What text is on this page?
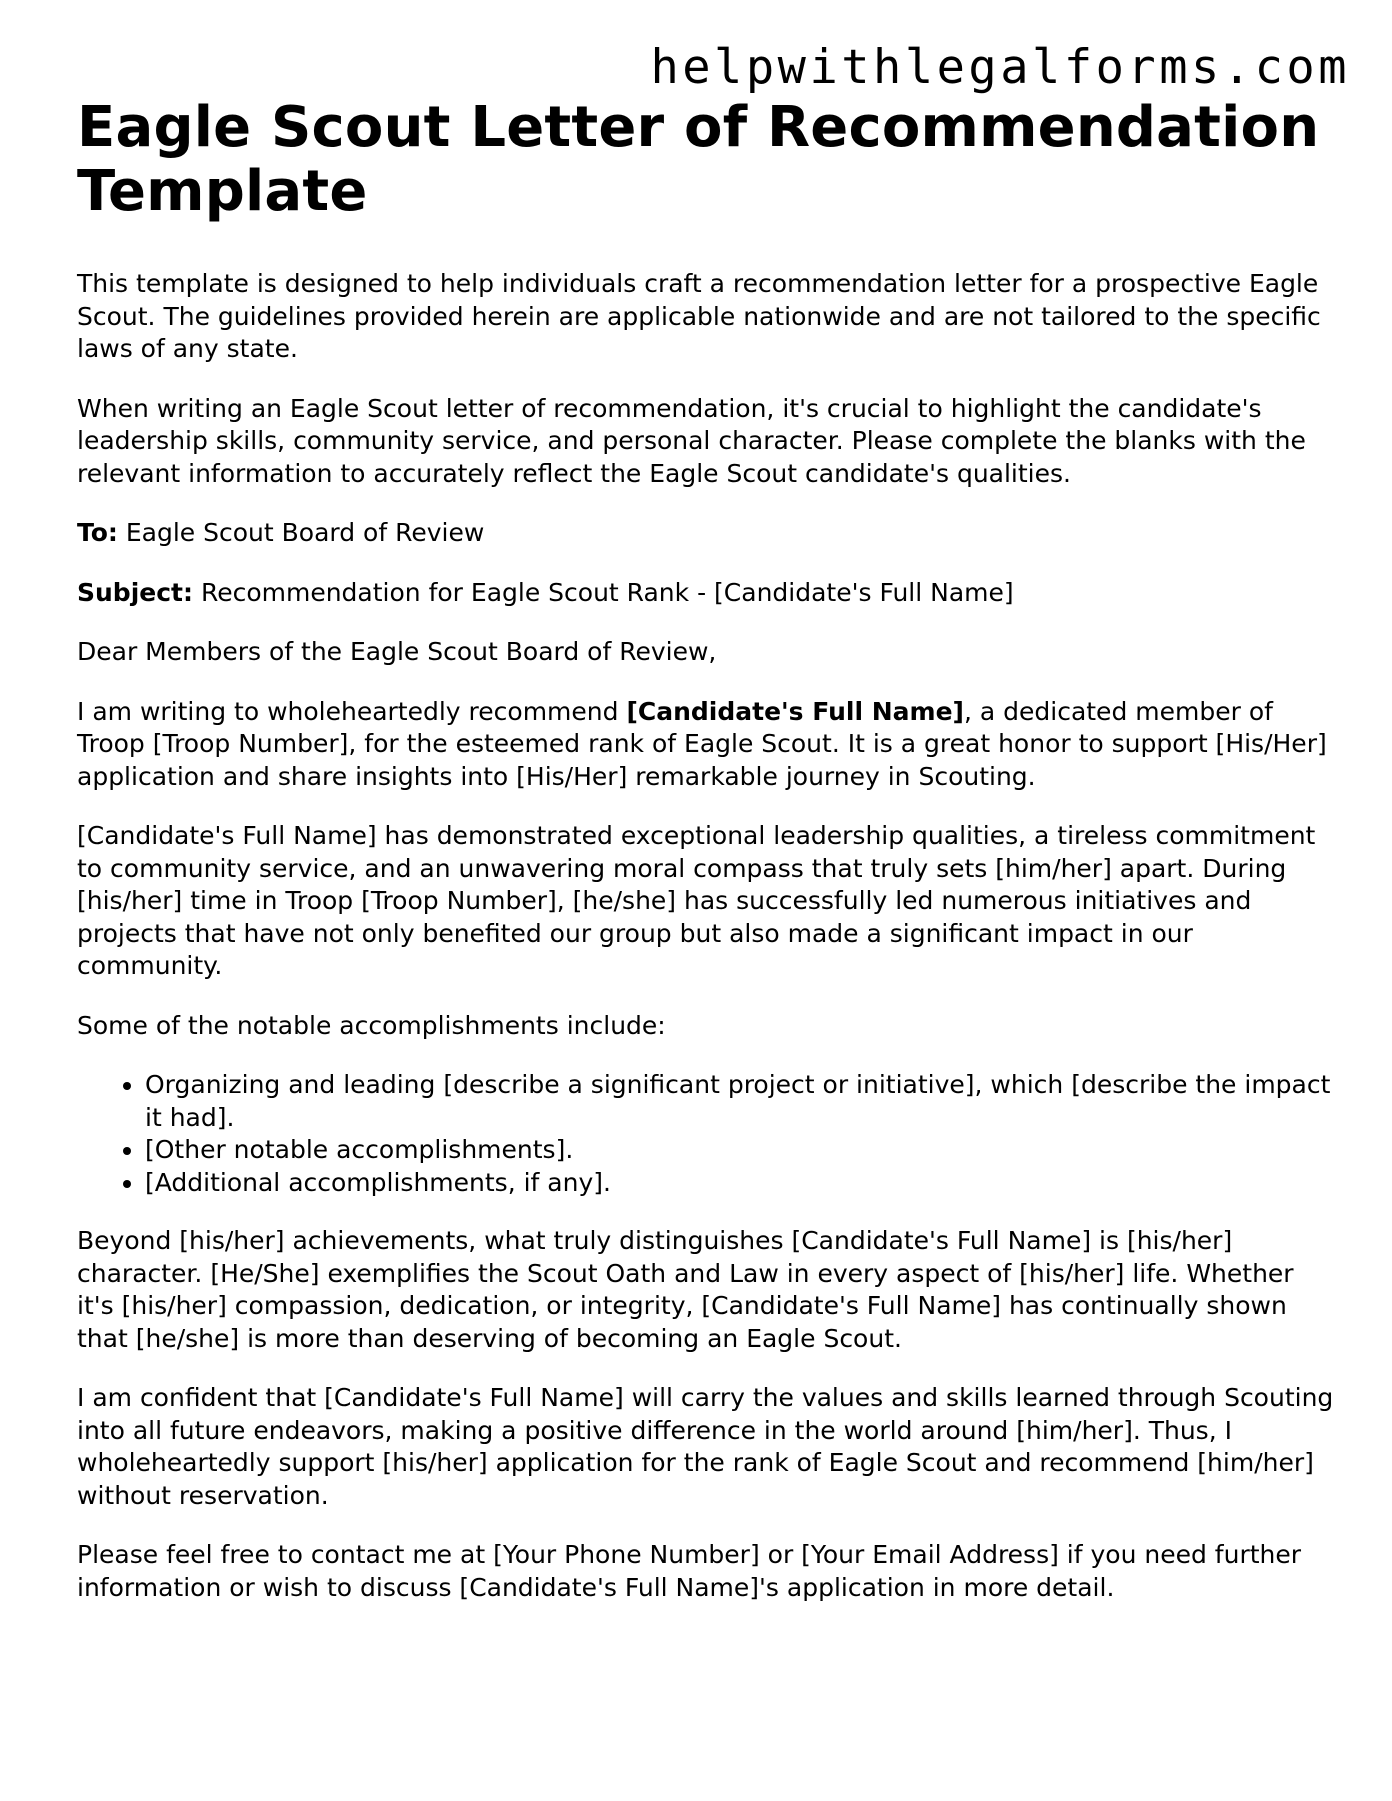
helpwithlegalforms.com
Eagle Scout Letter of Recommendation Template

This template is designed to help individuals craft a recommendation letter for a prospective Eagle Scout. The guidelines provided herein are applicable nationwide and are not tailored to the specific laws of any state.

When writing an Eagle Scout letter of recommendation, it's crucial to highlight the candidate's leadership skills, community service, and personal character. Please complete the blanks with the relevant information to accurately reflect the Eagle Scout candidate's qualities.

To: Eagle Scout Board of Review

Subject: Recommendation for Eagle Scout Rank - [Candidate's Full Name]

Dear Members of the Eagle Scout Board of Review,

I am writing to wholeheartedly recommend [Candidate's Full Name], a dedicated member of Troop [Troop Number], for the esteemed rank of Eagle Scout. It is a great honor to support [His/Her] application and share insights into [His/Her] remarkable journey in Scouting.

[Candidate's Full Name] has demonstrated exceptional leadership qualities, a tireless commitment to community service, and an unwavering moral compass that truly sets [him/her] apart. During [his/her] time in Troop [Troop Number], [he/she] has successfully led numerous initiatives and projects that have not only benefited our group but also made a significant impact in our community.

Some of the notable accomplishments include:

• Organizing and leading [describe a significant project or initiative], which [describe the impact it had].
• [Other notable accomplishments].
• [Additional accomplishments, if any].

Beyond [his/her] achievements, what truly distinguishes [Candidate's Full Name] is [his/her] character. [He/She] exemplifies the Scout Oath and Law in every aspect of [his/her] life. Whether it's [his/her] compassion, dedication, or integrity, [Candidate's Full Name] has continually shown that [he/she] is more than deserving of becoming an Eagle Scout.

I am confident that [Candidate's Full Name] will carry the values and skills learned through Scouting into all future endeavors, making a positive difference in the world around [him/her]. Thus, I wholeheartedly support [his/her] application for the rank of Eagle Scout and recommend [him/her] without reservation.

Please feel free to contact me at [Your Phone Number] or [Your Email Address] if you need further information or wish to discuss [Candidate's Full Name]'s application in more detail.
